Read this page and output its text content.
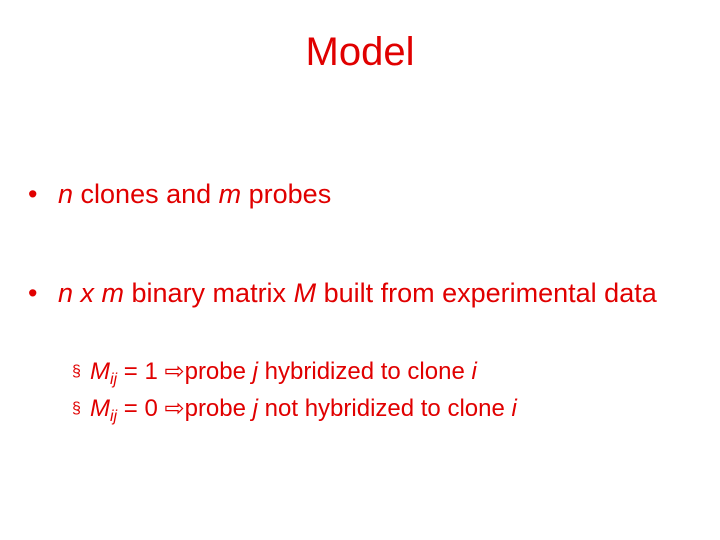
Model
• n clones and m probes
• n x m binary matrix M built from experimental data
§ $M_{ij} = 1$ ⇨probe j hybridized to clone i
§ $M_{ij} = 0$ ⇨probe j not hybridized to clone i
